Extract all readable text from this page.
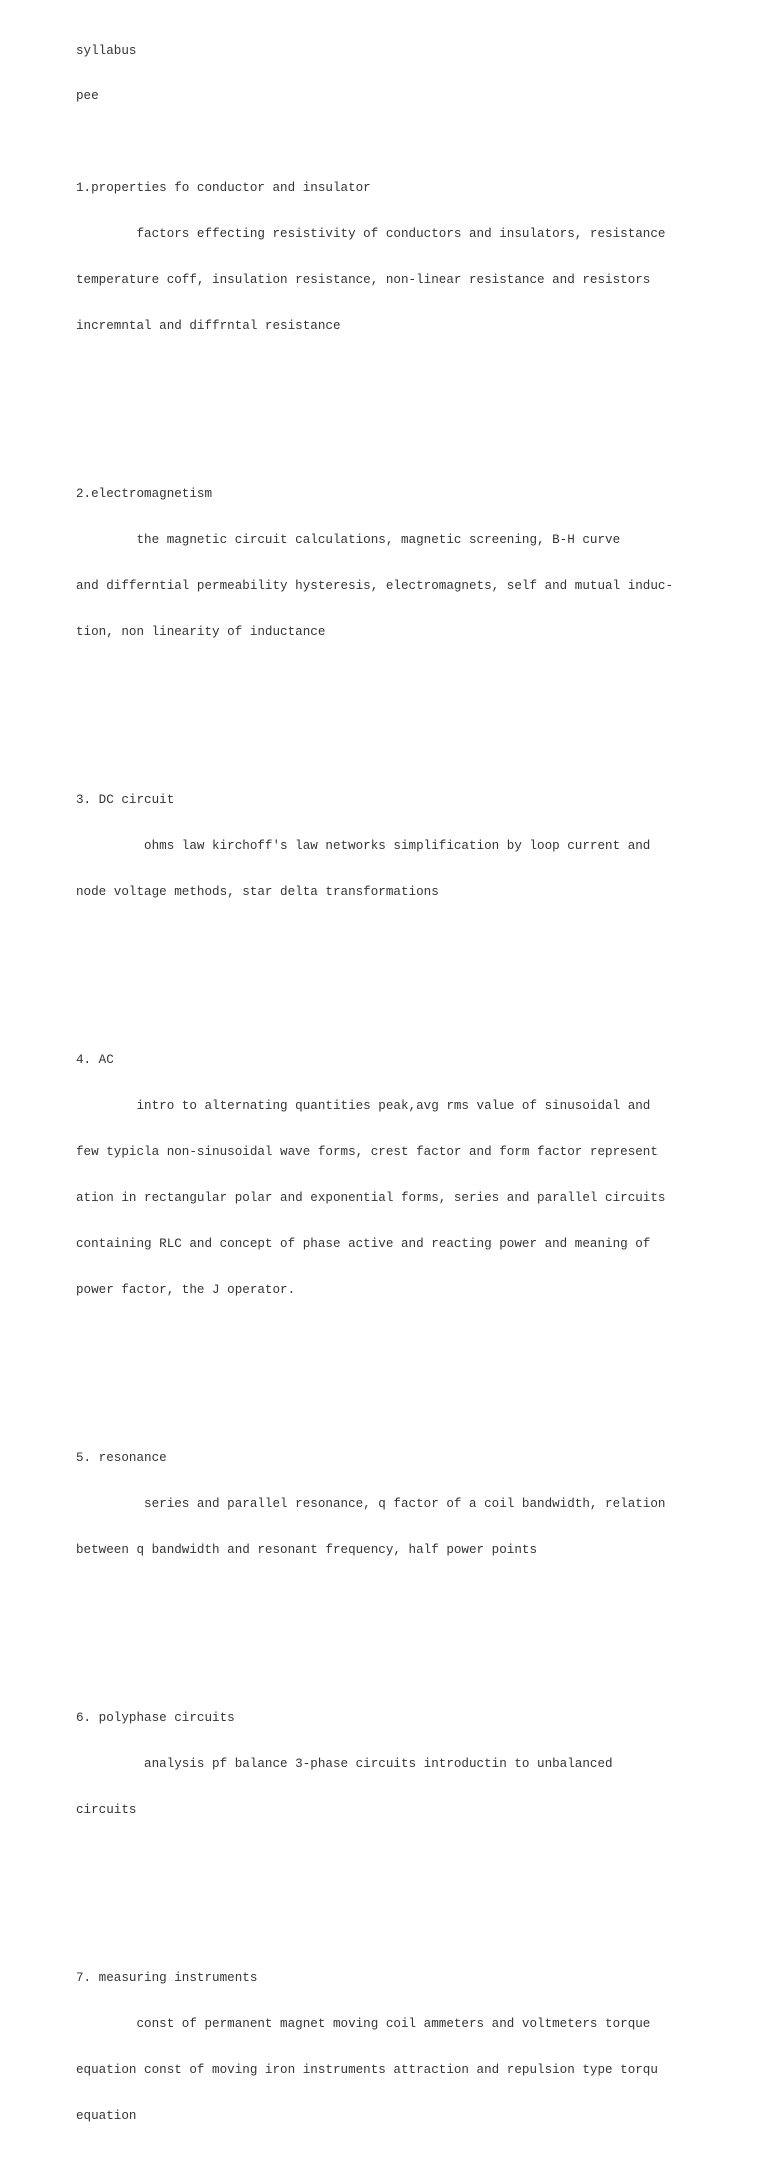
syllabus

pee

1.properties fo conductor and insulator

factors effecting resistivity of conductors and insulators, resistance

temperature coff, insulation resistance, non-linear resistance and resistors

incremntal and diffrntal resistance

2.electromagnetism

the magnetic circuit calculations, magnetic screening, B-H curve

and differntial permeability hysteresis, electromagnets, self and mutual induc-

tion, non linearity of inductance

3. DC circuit

ohms law kirchoff's law networks simplification by loop current and

node voltage methods, star delta transformations

4. AC

intro to alternating quantities peak,avg rms value of sinusoidal and

few typicla non-sinusoidal wave forms, crest factor and form factor represent

ation in rectangular polar and exponential forms, series and parallel circuits

containing RLC and concept of phase active and reacting power and meaning of

power factor, the J operator.

5. resonance

series and parallel resonance, q factor of a coil bandwidth, relation

between q bandwidth and resonant frequency, half power points

6. polyphase circuits

analysis pf balance 3-phase circuits introductin to unbalanced

circuits

7. measuring instruments

const of permanent magnet moving coil ammeters and voltmeters torque

equation const of moving iron instruments attraction and repulsion type torqu

equation
